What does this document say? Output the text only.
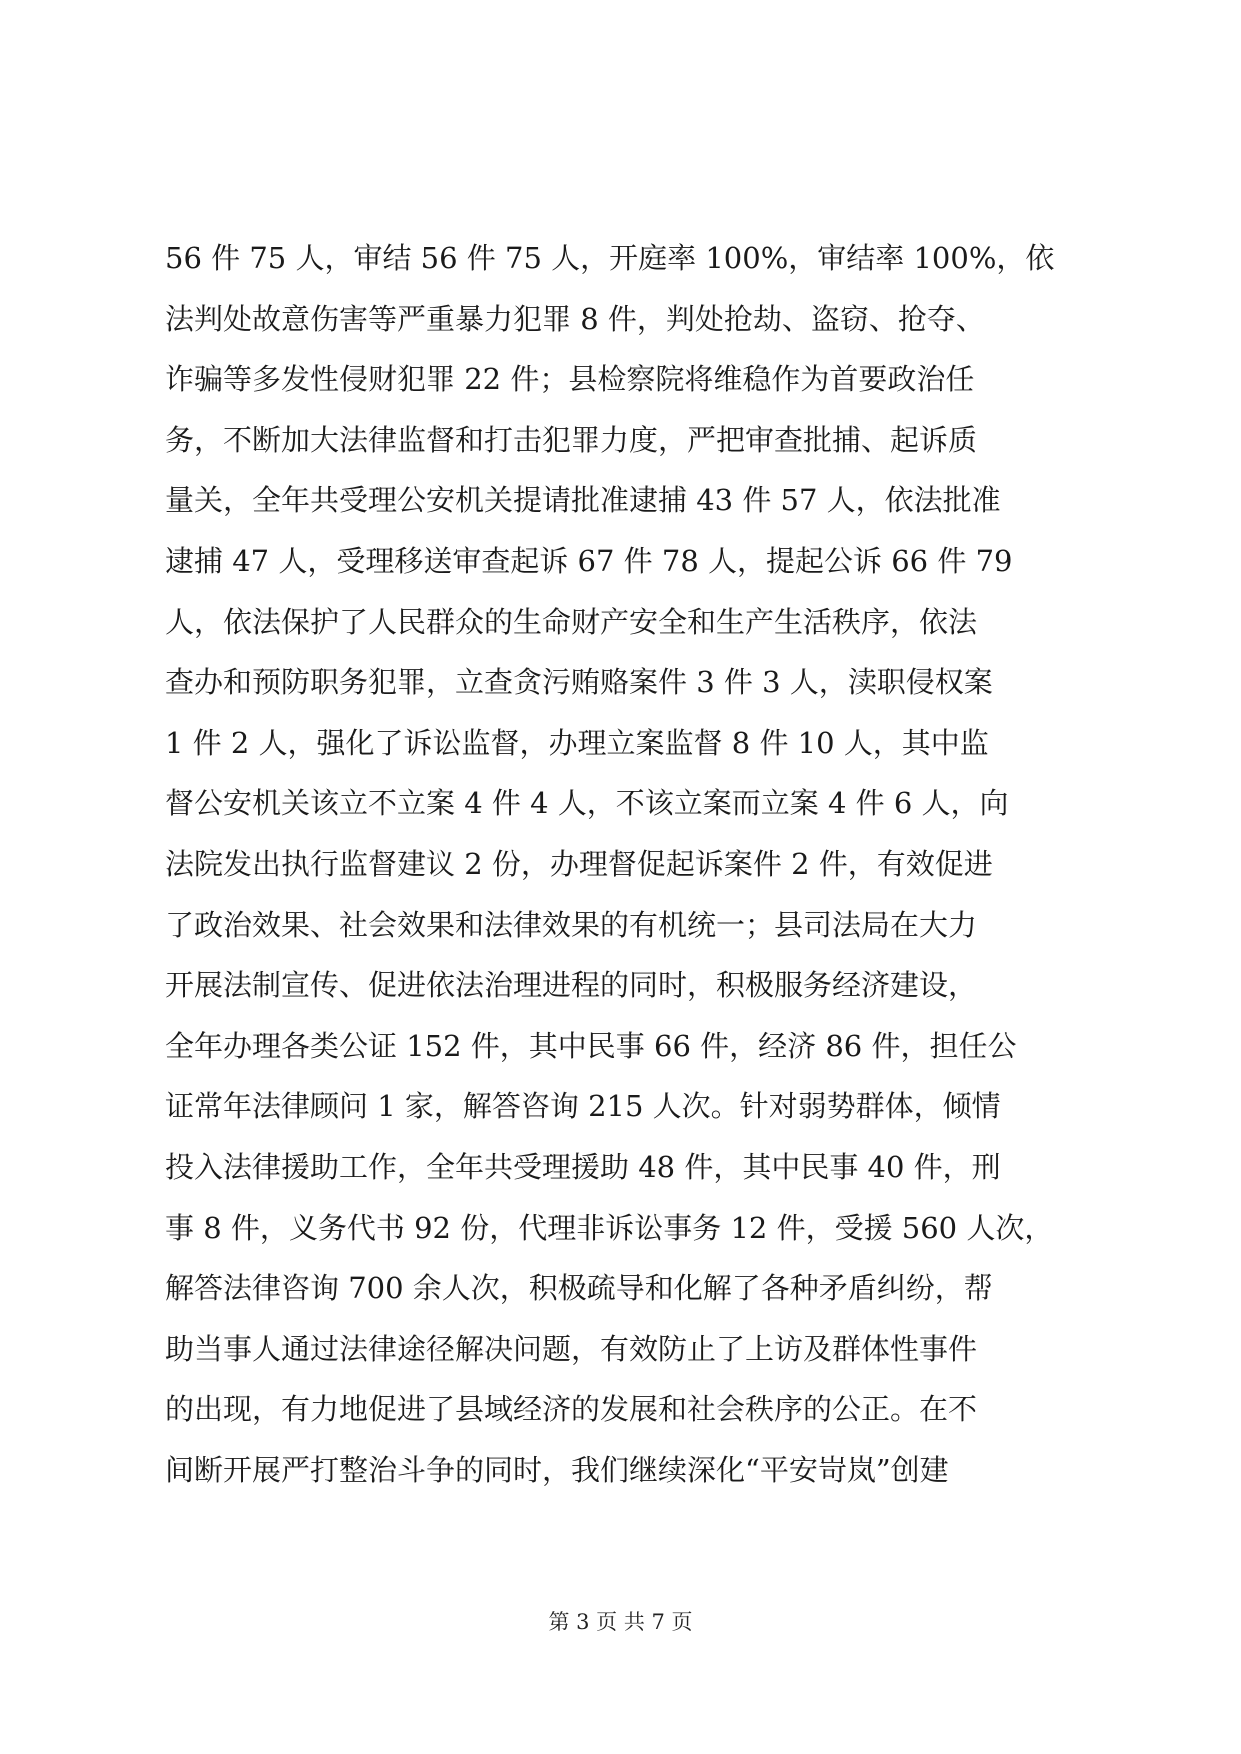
56 件 75 人，审结 56 件 75 人，开庭率 100%，审结率 100%，依
法判处故意伤害等严重暴力犯罪 8 件，判处抢劫、盗窃、抢夺、
诈骗等多发性侵财犯罪 22 件；县检察院将维稳作为首要政治任
务，不断加大法律监督和打击犯罪力度，严把审查批捕、起诉质
量关，全年共受理公安机关提请批准逮捕 43 件 57 人，依法批准
逮捕 47 人，受理移送审查起诉 67 件 78 人，提起公诉 66 件 79
人，依法保护了人民群众的生命财产安全和生产生活秩序，依法
查办和预防职务犯罪，立查贪污贿赂案件 3 件 3 人，渎职侵权案
1 件 2 人，强化了诉讼监督，办理立案监督 8 件 10 人，其中监
督公安机关该立不立案 4 件 4 人，不该立案而立案 4 件 6 人，向
法院发出执行监督建议 2 份，办理督促起诉案件 2 件，有效促进
了政治效果、社会效果和法律效果的有机统一；县司法局在大力
开展法制宣传、促进依法治理进程的同时，积极服务经济建设，
全年办理各类公证 152 件，其中民事 66 件，经济 86 件，担任公
证常年法律顾问 1 家，解答咨询 215 人次。针对弱势群体，倾情
投入法律援助工作，全年共受理援助 48 件，其中民事 40 件，刑
事 8 件，义务代书 92 份，代理非诉讼事务 12 件，受援 560 人次，
解答法律咨询 700 余人次，积极疏导和化解了各种矛盾纠纷，帮
助当事人通过法律途径解决问题，有效防止了上访及群体性事件
的出现，有力地促进了县域经济的发展和社会秩序的公正。在不
间断开展严打整治斗争的同时，我们继续深化“平安岢岚”创建
第 3 页 共 7 页
